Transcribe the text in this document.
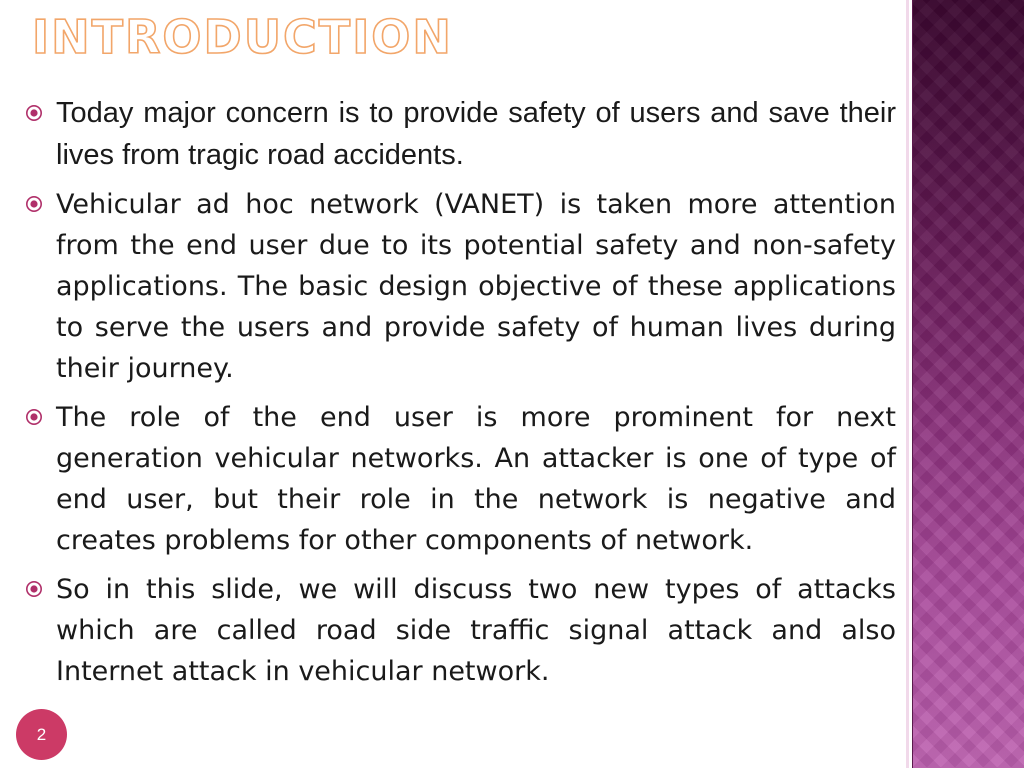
INTRODUCTION
Today major concern is to provide safety of users and save their lives from tragic road accidents.
Vehicular ad hoc network (VANET) is taken more attention from the end user due to its potential safety and non-safety applications. The basic design objective of these applications to serve the users and provide safety of human lives during their journey.
The role of the end user is more prominent for next generation vehicular networks. An attacker is one of type of end user, but their role in the network is negative and creates problems for other components of network.
So in this slide, we will discuss two new types of attacks which are called road side traffic signal attack and also Internet attack in vehicular network.
2
